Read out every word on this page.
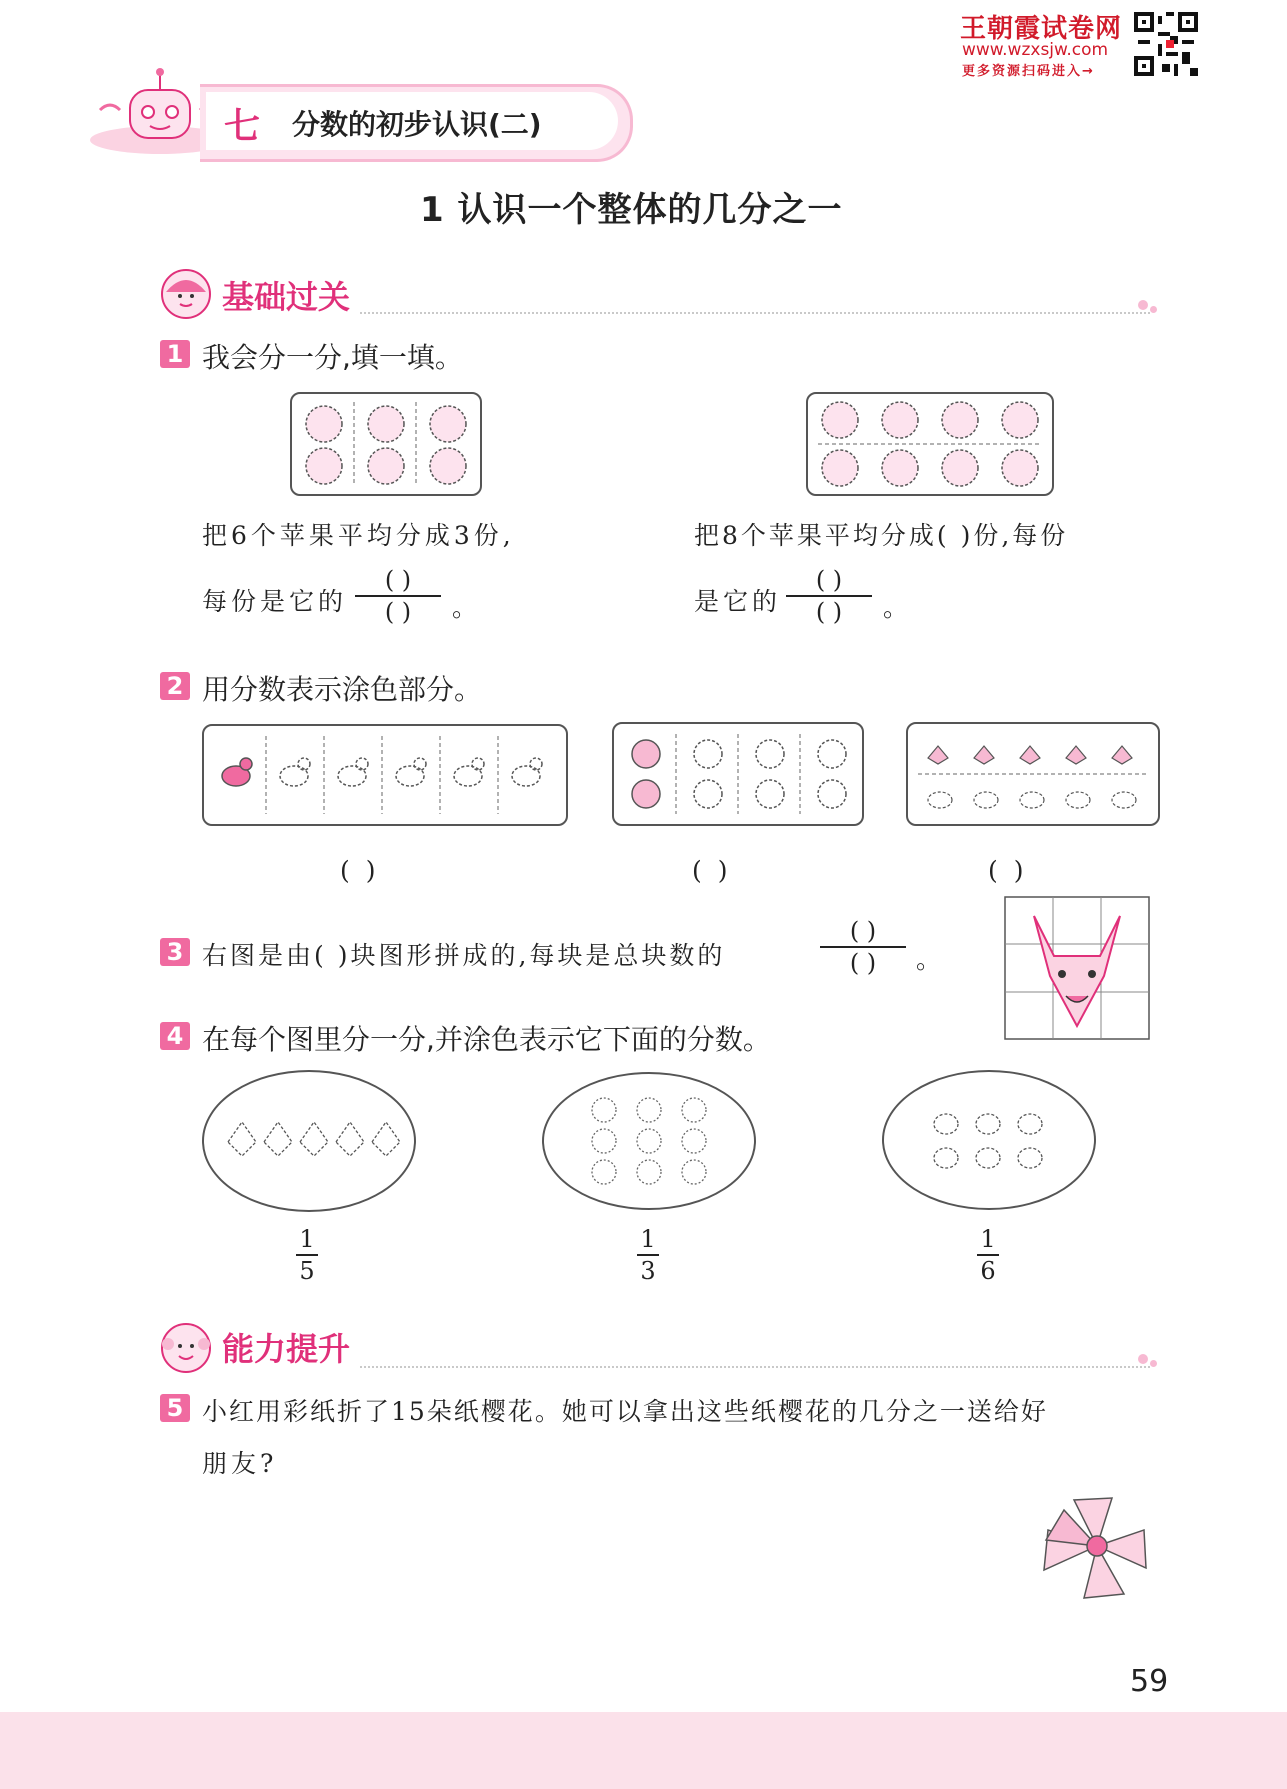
王朝霞试卷网
www.wzxsjw.com
更多资源扫码进入→
七 分数的初步认识(二)
1 认识一个整体的几分之一
基础过关
1 我会分一分,填一填。
把6个苹果平均分成3份,
每份是它的
( )
( ) 。
把8个苹果平均分成( )份,每份
是它的
( )
( ) 。
2 用分数表示涂色部分。
( )	( )	( )
3 右图是由( )块图形拼成的,每块是总块数的
( )
( ) 。
4 在每个图里分一分,并涂色表示它下面的分数。
1
5
1
3
1
6
能力提升
5 小红用彩纸折了15朵纸樱花。她可以拿出这些纸樱花的几分之一送给好
朋友?
59
